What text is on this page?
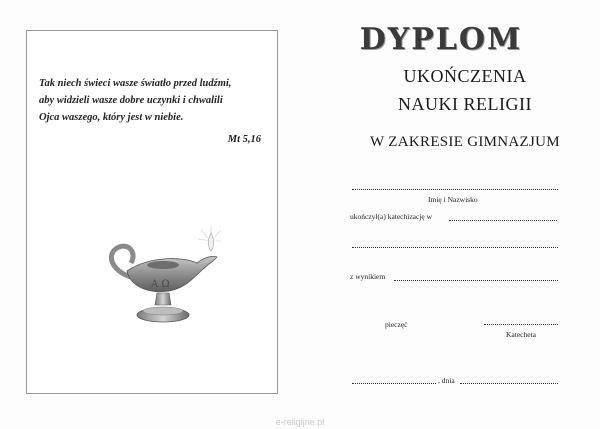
Tak niech świeci wasze światło przed ludźmi,
aby widzieli wasze dobre uczynki i chwalili
Ojca waszego, który jest w niebie.
Mt 5,16
A Ω
DYPLOM
UKOŃCZENIA
NAUKI RELIGII
W ZAKRESIE GIMNAZJUM
Imię i Nazwisko
ukończył(a) katechizację w
z wynikiem
pieczęć
Katecheta
, dnia
e-religijne.pl
